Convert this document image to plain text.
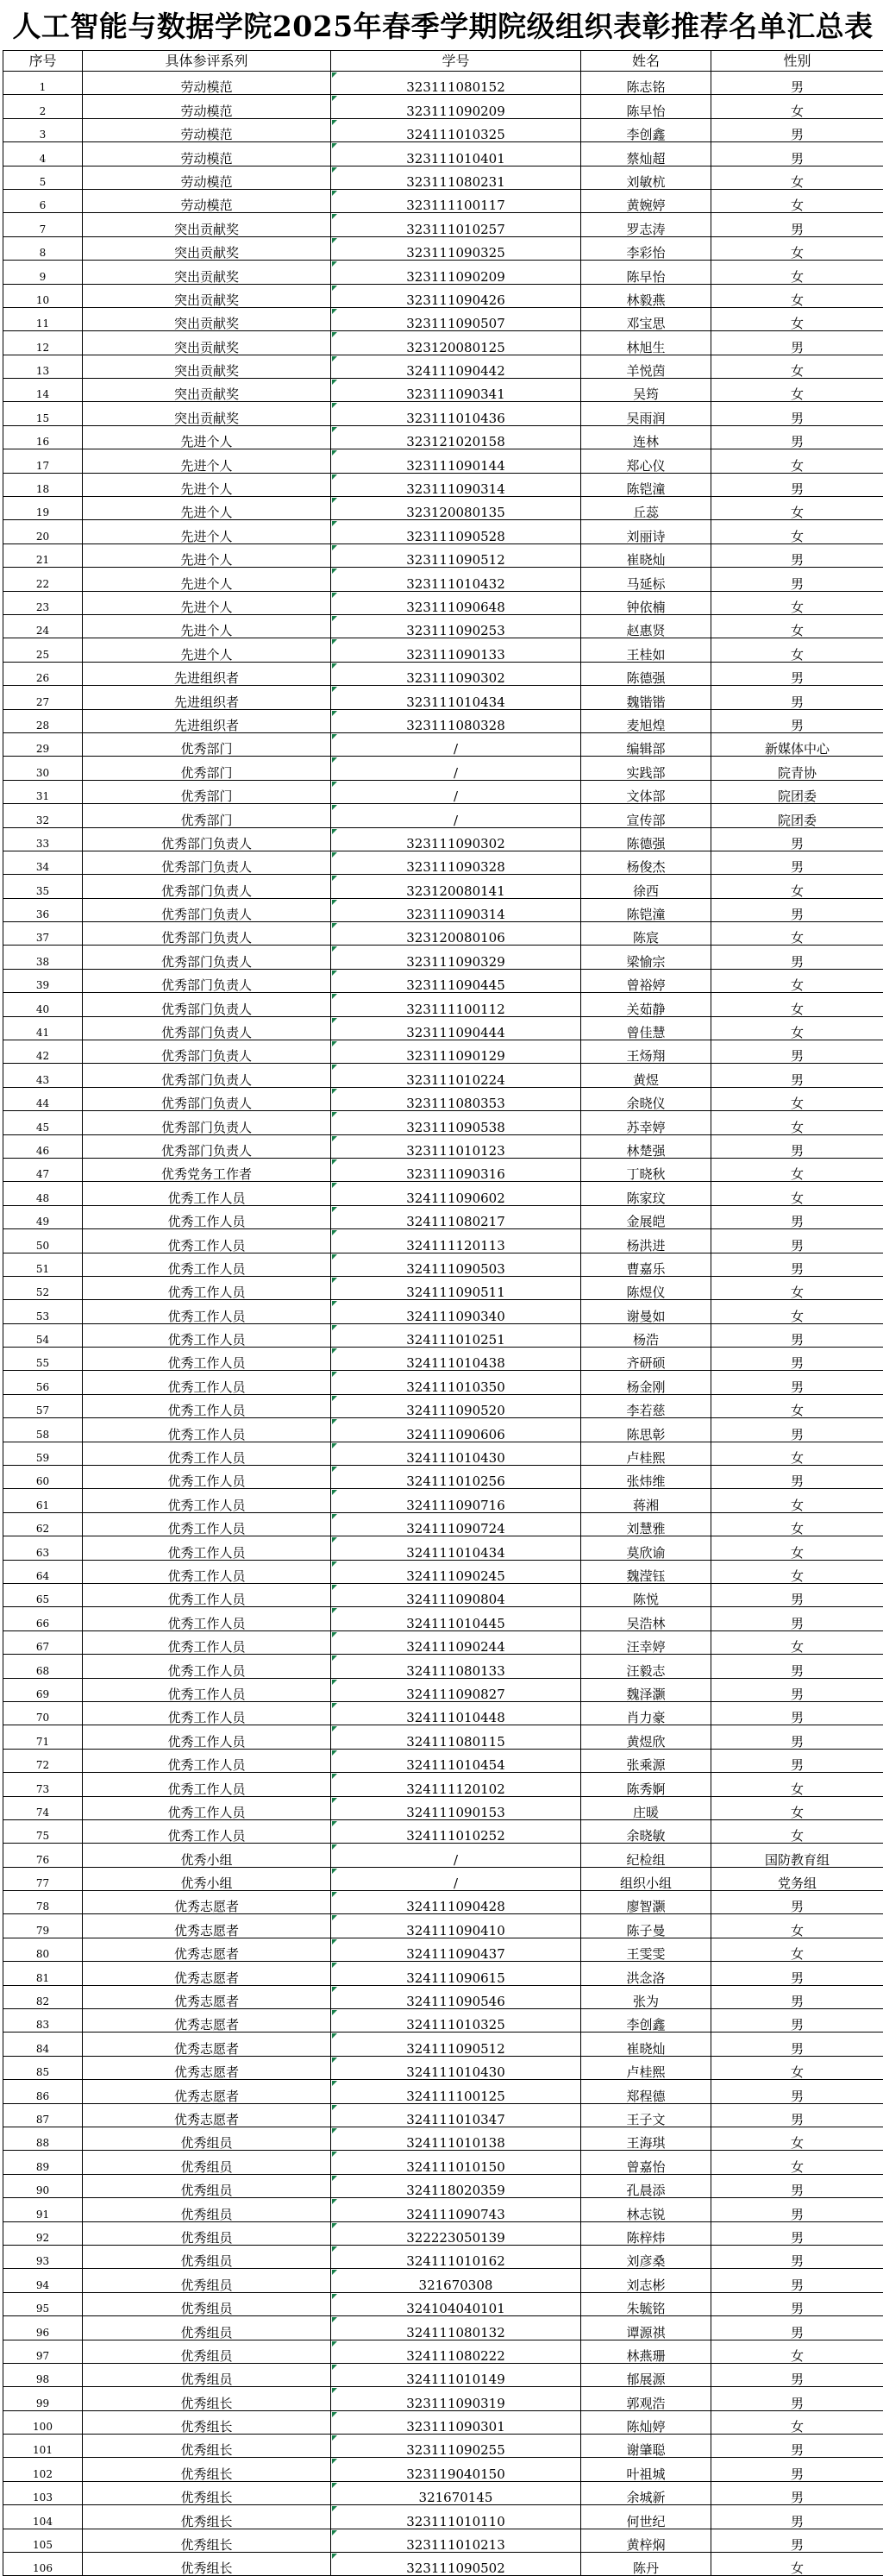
人工智能与数据学院2025年春季学期院级组织表彰推荐名单汇总表
序号	具体参评系列	学号	姓名	性别
1	劳动模范	323111080152	陈志铭	男
2	劳动模范	323111090209	陈早怡	女
3	劳动模范	324111010325	李创鑫	男
4	劳动模范	323111010401	蔡灿超	男
5	劳动模范	323111080231	刘敏杭	女
6	劳动模范	323111100117	黄婉婷	女
7	突出贡献奖	323111010257	罗志涛	男
8	突出贡献奖	323111090325	李彩怡	女
9	突出贡献奖	323111090209	陈早怡	女
10	突出贡献奖	323111090426	林毅燕	女
11	突出贡献奖	323111090507	邓宝思	女
12	突出贡献奖	323120080125	林旭生	男
13	突出贡献奖	324111090442	羊悦茵	女
14	突出贡献奖	323111090341	吴筠	女
15	突出贡献奖	323111010436	吴雨润	男
16	先进个人	323121020158	连林	男
17	先进个人	323111090144	郑心仪	女
18	先进个人	323111090314	陈铠潼	男
19	先进个人	323120080135	丘蕊	女
20	先进个人	323111090528	刘丽诗	女
21	先进个人	323111090512	崔晓灿	男
22	先进个人	323111010432	马延标	男
23	先进个人	323111090648	钟依楠	女
24	先进个人	323111090253	赵惠贤	女
25	先进个人	323111090133	王桂如	女
26	先进组织者	323111090302	陈德强	男
27	先进组织者	323111010434	魏锴锴	男
28	先进组织者	323111080328	麦旭煌	男
29	优秀部门	/	编辑部	新媒体中心
30	优秀部门	/	实践部	院青协
31	优秀部门	/	文体部	院团委
32	优秀部门	/	宣传部	院团委
33	优秀部门负责人	323111090302	陈德强	男
34	优秀部门负责人	323111090328	杨俊杰	男
35	优秀部门负责人	323120080141	徐西	女
36	优秀部门负责人	323111090314	陈铠潼	男
37	优秀部门负责人	323120080106	陈宸	女
38	优秀部门负责人	323111090329	梁愉宗	男
39	优秀部门负责人	323111090445	曾裕婷	女
40	优秀部门负责人	323111100112	关茹静	女
41	优秀部门负责人	323111090444	曾佳慧	女
42	优秀部门负责人	323111090129	王炀翔	男
43	优秀部门负责人	323111010224	黄煜	男
44	优秀部门负责人	323111080353	余晓仪	女
45	优秀部门负责人	323111090538	苏幸婷	女
46	优秀部门负责人	323111010123	林楚强	男
47	优秀党务工作者	323111090316	丁晓秋	女
48	优秀工作人员	324111090602	陈家玟	女
49	优秀工作人员	324111080217	金展皑	男
50	优秀工作人员	324111120113	杨洪进	男
51	优秀工作人员	324111090503	曹嘉乐	男
52	优秀工作人员	324111090511	陈煜仪	女
53	优秀工作人员	324111090340	谢曼如	女
54	优秀工作人员	324111010251	杨浩	男
55	优秀工作人员	324111010438	齐研硕	男
56	优秀工作人员	324111010350	杨金刚	男
57	优秀工作人员	324111090520	李若慈	女
58	优秀工作人员	324111090606	陈思彰	男
59	优秀工作人员	324111010430	卢桂熙	女
60	优秀工作人员	324111010256	张炜维	男
61	优秀工作人员	324111090716	蒋湘	女
62	优秀工作人员	324111090724	刘慧雅	女
63	优秀工作人员	324111010434	莫欣谕	女
64	优秀工作人员	324111090245	魏滢钰	女
65	优秀工作人员	324111090804	陈悦	男
66	优秀工作人员	324111010445	吴浩林	男
67	优秀工作人员	324111090244	汪幸婷	女
68	优秀工作人员	324111080133	汪毅志	男
69	优秀工作人员	324111090827	魏泽灏	男
70	优秀工作人员	324111010448	肖力豪	男
71	优秀工作人员	324111080115	黄煜欣	男
72	优秀工作人员	324111010454	张乘源	男
73	优秀工作人员	324111120102	陈秀婀	女
74	优秀工作人员	324111090153	庄暖	女
75	优秀工作人员	324111010252	余晓敏	女
76	优秀小组	/	纪检组	国防教育组
77	优秀小组	/	组织小组	党务组
78	优秀志愿者	324111090428	廖智灏	男
79	优秀志愿者	324111090410	陈子曼	女
80	优秀志愿者	324111090437	王雯雯	女
81	优秀志愿者	324111090615	洪念洛	男
82	优秀志愿者	324111090546	张为	男
83	优秀志愿者	324111010325	李创鑫	男
84	优秀志愿者	324111090512	崔晓灿	男
85	优秀志愿者	324111010430	卢桂熙	女
86	优秀志愿者	324111100125	郑程德	男
87	优秀志愿者	324111010347	王子文	男
88	优秀组员	324111010138	王海琪	女
89	优秀组员	324111010150	曾嘉怡	女
90	优秀组员	324118020359	孔晨添	男
91	优秀组员	324111090743	林志锐	男
92	优秀组员	322223050139	陈梓炜	男
93	优秀组员	324111010162	刘彦桑	男
94	优秀组员	321670308	刘志彬	男
95	优秀组员	324104040101	朱毓铭	男
96	优秀组员	324111080132	谭源祺	男
97	优秀组员	324111080222	林燕珊	女
98	优秀组员	324111010149	郁展源	男
99	优秀组长	323111090319	郭观浩	男
100	优秀组长	323111090301	陈灿婷	女
101	优秀组长	323111090255	谢肇聪	男
102	优秀组长	323119040150	叶祖城	男
103	优秀组长	321670145	余城新	男
104	优秀组长	323111010110	何世纪	男
105	优秀组长	323111010213	黄梓焖	男
106	优秀组长	323111090502	陈丹	女
